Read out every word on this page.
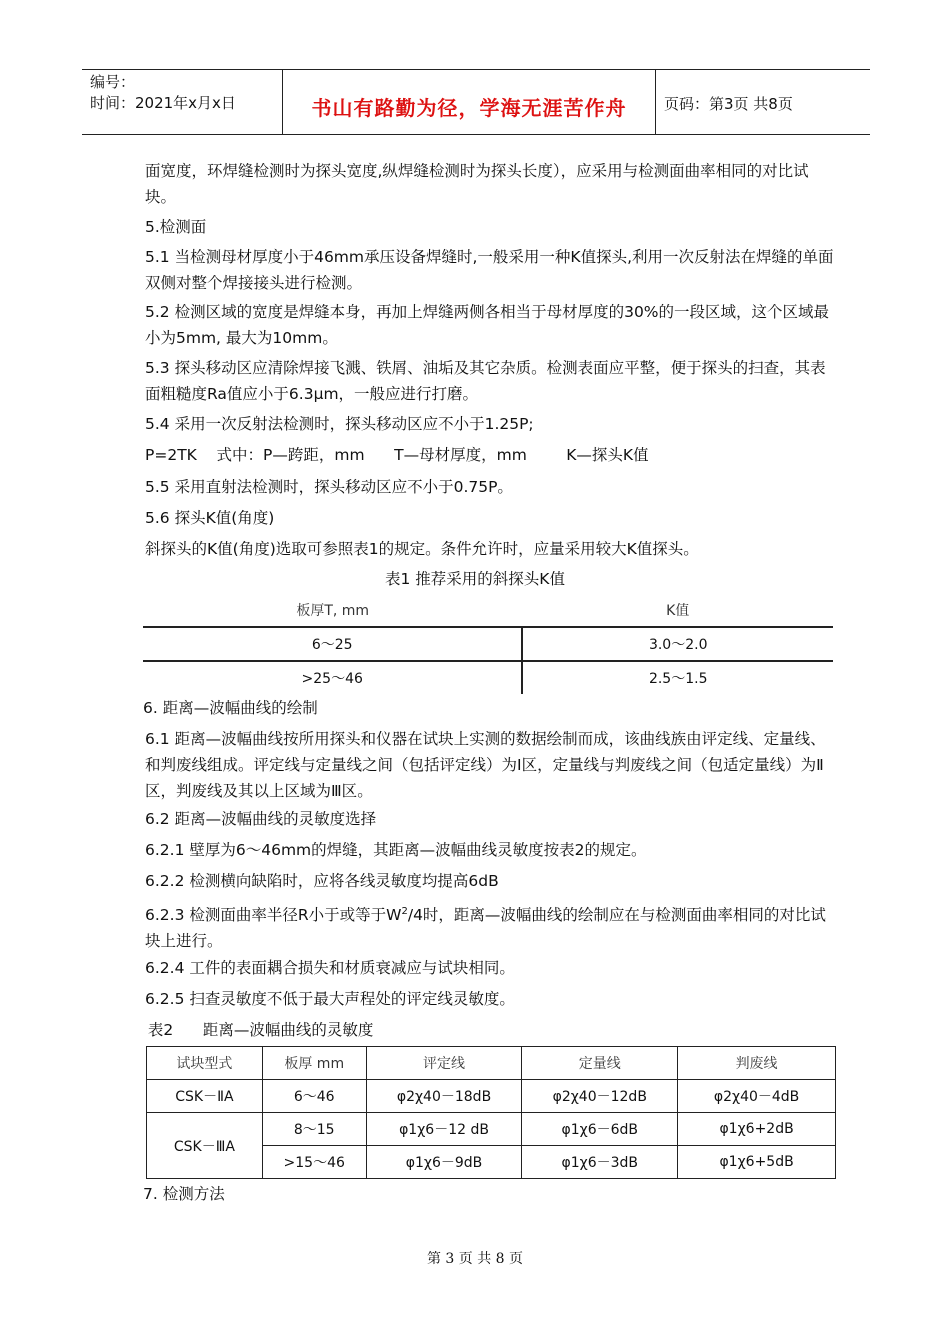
编号：
时间：2021年x月x日	书山有路勤为径，学海无涯苦作舟	页码：第3页 共8页
面宽度，环焊缝检测时为探头宽度,纵焊缝检测时为探头长度），应采用与检测面曲率相同的对比试块。
5.检测面
5.1 当检测母材厚度小于46mm承压设备焊缝时,一般采用一种K值探头,利用一次反射法在焊缝的单面双侧对整个焊接接头进行检测。
5.2 检测区域的宽度是焊缝本身，再加上焊缝两侧各相当于母材厚度的30%的一段区域，这个区域最小为5mm, 最大为10mm。
5.3 探头移动区应清除焊接飞溅、铁屑、油垢及其它杂质。检测表面应平整，便于探头的扫查，其表面粗糙度Ra值应小于6.3μm，一般应进行打磨。
5.4 采用一次反射法检测时，探头移动区应不小于1.25P;
P=2TK    式中：P—跨距，mm      T—母材厚度，mm        K—探头K值
5.5 采用直射法检测时，探头移动区应不小于0.75P。
5.6 探头K值(角度)
斜探头的K值(角度)选取可参照表1的规定。条件允许时，应量采用较大K值探头。
表1 推荐采用的斜探头K值
板厚T, mm	K值
6～25	3.0～2.0
>25～46	2.5～1.5
6. 距离—波幅曲线的绘制
6.1 距离—波幅曲线按所用探头和仪器在试块上实测的数据绘制而成，该曲线族由评定线、定量线、和判废线组成。评定线与定量线之间（包括评定线）为Ⅰ区，定量线与判废线之间（包适定量线）为Ⅱ区，判废线及其以上区域为Ⅲ区。
6.2 距离—波幅曲线的灵敏度选择
6.2.1 壁厚为6～46mm的焊缝，其距离—波幅曲线灵敏度按表2的规定。
6.2.2 检测横向缺陷时，应将各线灵敏度均提高6dB
6.2.3 检测面曲率半径R小于或等于$W^2/4$时，距离—波幅曲线的绘制应在与检测面曲率相同的对比试块上进行。
6.2.4 工件的表面耦合损失和材质衰减应与试块相同。
6.2.5 扫查灵敏度不低于最大声程处的评定线灵敏度。
表2      距离—波幅曲线的灵敏度
试块型式	板厚 mm	评定线	定量线	判废线
CSK－ⅡA	6～46	φ2χ40－18dB	φ2χ40－12dB	φ2χ40－4dB
CSK－ⅢA	8～15	φ1χ6－12 dB	φ1χ6－6dB	φ1χ6+2dB
	>15～46	φ1χ6－9dB	φ1χ6－3dB	φ1χ6+5dB
7. 检测方法
第 3 页 共 8 页
